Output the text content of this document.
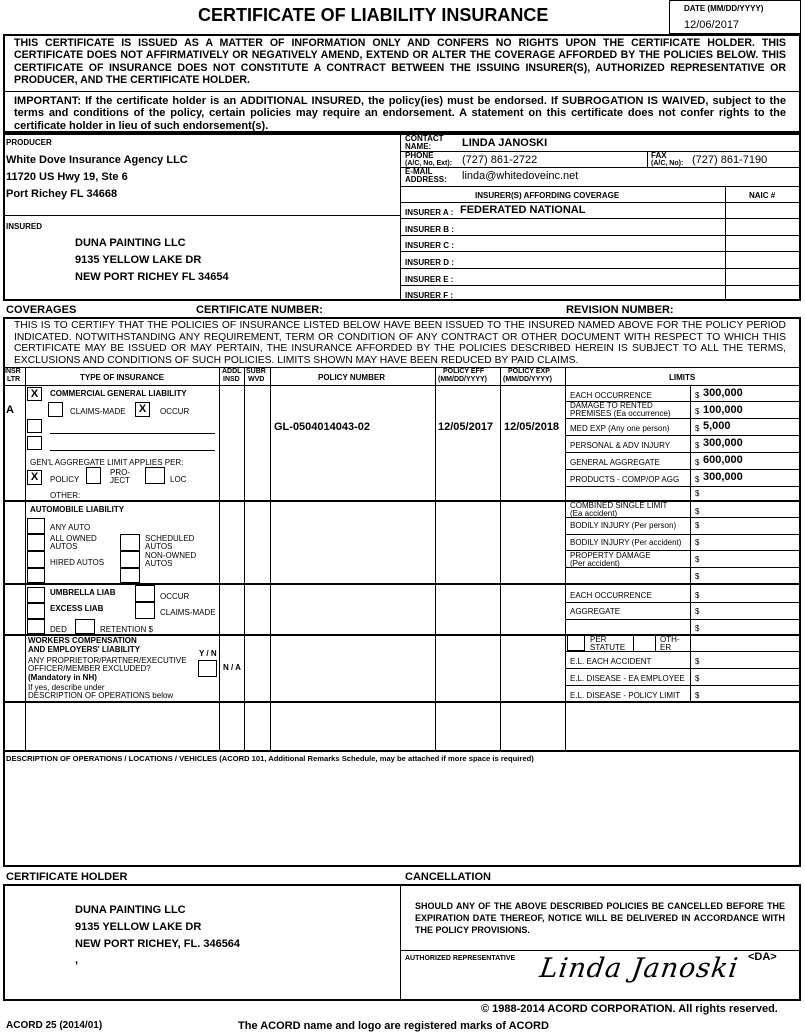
CERTIFICATE OF LIABILITY INSURANCE	DATE (MM/DD/YYYY)
12/06/2017
THIS CERTIFICATE IS ISSUED AS A MATTER OF INFORMATION ONLY AND CONFERS NO RIGHTS UPON THE CERTIFICATE HOLDER. THIS CERTIFICATE DOES NOT AFFIRMATIVELY OR NEGATIVELY AMEND, EXTEND OR ALTER THE COVERAGE AFFORDED BY THE POLICIES BELOW. THIS CERTIFICATE OF INSURANCE DOES NOT CONSTITUTE A CONTRACT BETWEEN THE ISSUING INSURER(S), AUTHORIZED REPRESENTATIVE OR PRODUCER, AND THE CERTIFICATE HOLDER.
IMPORTANT: If the certificate holder is an ADDITIONAL INSURED, the policy(ies) must be endorsed. If SUBROGATION IS WAIVED, subject to the terms and conditions of the policy, certain policies may require an endorsement. A statement on this certificate does not confer rights to the certificate holder in lieu of such endorsement(s).
PRODUCER
White Dove Insurance Agency LLC
11720 US Hwy 19, Ste 6
Port Richey FL 34668
INSURED
DUNA PAINTING LLC
9135 YELLOW LAKE DR
NEW PORT RICHEY FL 34654
CONTACT
NAME:	LINDA JANOSKI
PHONE
(A/C, No, Ext): (727) 861-2722	FAX
(A/C, No): (727) 861-7190
E-MAIL
ADDRESS: linda@whitedoveinc.net
INSURER(S) AFFORDING COVERAGE	NAIC #
INSURER A : FEDERATED NATIONAL
INSURER B :
INSURER C :
INSURER D :
INSURER E :
INSURER F :
COVERAGES	CERTIFICATE NUMBER:	REVISION NUMBER:
THIS IS TO CERTIFY THAT THE POLICIES OF INSURANCE LISTED BELOW HAVE BEEN ISSUED TO THE INSURED NAMED ABOVE FOR THE POLICY PERIOD INDICATED. NOTWITHSTANDING ANY REQUIREMENT, TERM OR CONDITION OF ANY CONTRACT OR OTHER DOCUMENT WITH RESPECT TO WHICH THIS CERTIFICATE MAY BE ISSUED OR MAY PERTAIN, THE INSURANCE AFFORDED BY THE POLICIES DESCRIBED HEREIN IS SUBJECT TO ALL THE TERMS, EXCLUSIONS AND CONDITIONS OF SUCH POLICIES. LIMITS SHOWN MAY HAVE BEEN REDUCED BY PAID CLAIMS.
INSR
LTR	TYPE OF INSURANCE
ADDL
INSD
SUBR
WVD	POLICY NUMBER
POLICY EFF
(MM/DD/YYYY)
POLICY EXP
(MM/DD/YYYY)	LIMITS
A
X	COMMERCIAL GENERAL LIABILITY
CLAIMS-MADE	X	OCCUR
GEN'L AGGREGATE LIMIT APPLIES PER:
X	POLICY
PRO-
JECT	LOC
OTHER:
GL-0504014043-02	12/05/2017 12/05/2018
EACH OCCURRENCE	$ 300,000
DAMAGE TO RENTED
PREMISES (Ea occurrence)	$ 100,000
MED EXP (Any one person)	$ 5,000
PERSONAL & ADV INJURY	$ 300,000
GENERAL AGGREGATE	$ 600,000
PRODUCTS - COMP/OP AGG $ 300,000
$
AUTOMOBILE LIABILITY
ANY AUTO
ALL OWNED
AUTOS
SCHEDULED
AUTOS
HIRED AUTOS
NON-OWNED
AUTOS
COMBINED SINGLE LIMIT
(Ea accident)	$
BODILY INJURY (Per person) $
BODILY INJURY (Per accident) $
PROPERTY DAMAGE
(Per accident)	$
$
UMBRELLA LIAB	OCCUR
EXCESS LIAB	CLAIMS-MADE
DED	RETENTION $
EACH OCCURRENCE	$
AGGREGATE	$
$
WORKERS COMPENSATION
AND EMPLOYERS' LIABILITY	Y / N
ANY PROPRIETOR/PARTNER/EXECUTIVE
OFFICER/MEMBER EXCLUDED?
(Mandatory in NH)
If yes, describe under
DESCRIPTION OF OPERATIONS below
N / A
PER
STATUTE
OTH-
ER
E.L. EACH ACCIDENT	$
E.L. DISEASE - EA EMPLOYEE $
E.L. DISEASE - POLICY LIMIT $
DESCRIPTION OF OPERATIONS / LOCATIONS / VEHICLES (ACORD 101, Additional Remarks Schedule, may be attached if more space is required)
CERTIFICATE HOLDER	CANCELLATION
DUNA PAINTING LLC
9135 YELLOW LAKE DR
NEW PORT RICHEY, FL. 346564
,
SHOULD ANY OF THE ABOVE DESCRIBED POLICIES BE CANCELLED BEFORE THE EXPIRATION DATE THEREOF, NOTICE WILL BE DELIVERED IN ACCORDANCE WITH THE POLICY PROVISIONS.
AUTHORIZED REPRESENTATIVE	<DA>
Linda Janoski
© 1988-2014 ACORD CORPORATION. All rights reserved.
ACORD 25 (2014/01)	The ACORD name and logo are registered marks of ACORD
